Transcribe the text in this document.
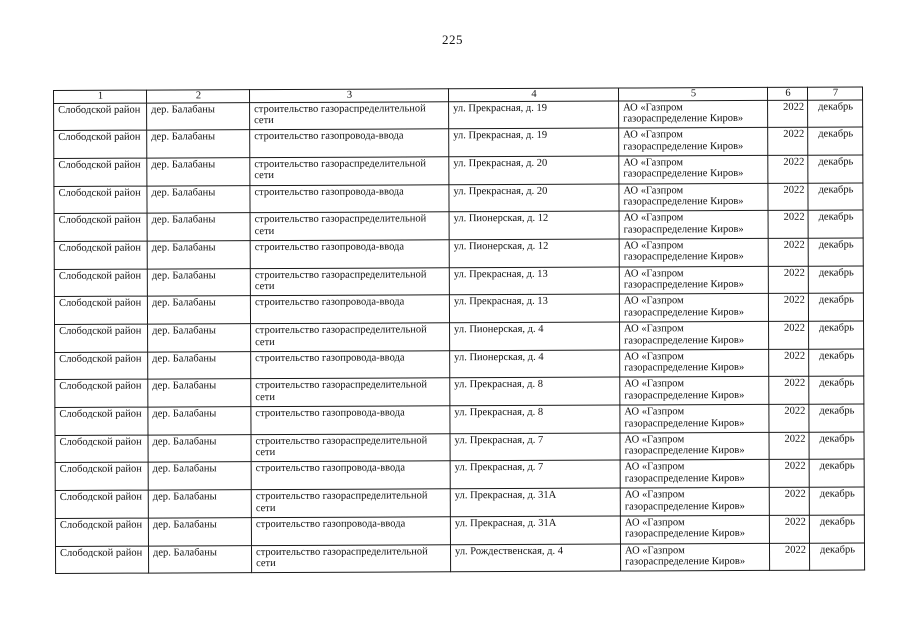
225
1	2	3	4	5	6	7
Слободской район	дер. Балабаны	строительство газораспределительной сети	ул. Прекрасная, д. 19	АО «Газпром газораспределение Киров»	2022	декабрь
Слободской район	дер. Балабаны	строительство газопровода-ввода	ул. Прекрасная, д. 19	АО «Газпром газораспределение Киров»	2022	декабрь
Слободской район	дер. Балабаны	строительство газораспределительной сети	ул. Прекрасная, д. 20	АО «Газпром газораспределение Киров»	2022	декабрь
Слободской район	дер. Балабаны	строительство газопровода-ввода	ул. Прекрасная, д. 20	АО «Газпром газораспределение Киров»	2022	декабрь
Слободской район	дер. Балабаны	строительство газораспределительной сети	ул. Пионерская, д. 12	АО «Газпром газораспределение Киров»	2022	декабрь
Слободской район	дер. Балабаны	строительство газопровода-ввода	ул. Пионерская, д. 12	АО «Газпром газораспределение Киров»	2022	декабрь
Слободской район	дер. Балабаны	строительство газораспределительной сети	ул. Прекрасная, д. 13	АО «Газпром газораспределение Киров»	2022	декабрь
Слободской район	дер. Балабаны	строительство газопровода-ввода	ул. Прекрасная, д. 13	АО «Газпром газораспределение Киров»	2022	декабрь
Слободской район	дер. Балабаны	строительство газораспределительной сети	ул. Пионерская, д. 4	АО «Газпром газораспределение Киров»	2022	декабрь
Слободской район	дер. Балабаны	строительство газопровода-ввода	ул. Пионерская, д. 4	АО «Газпром газораспределение Киров»	2022	декабрь
Слободской район	дер. Балабаны	строительство газораспределительной сети	ул. Прекрасная, д. 8	АО «Газпром газораспределение Киров»	2022	декабрь
Слободской район	дер. Балабаны	строительство газопровода-ввода	ул. Прекрасная, д. 8	АО «Газпром газораспределение Киров»	2022	декабрь
Слободской район	дер. Балабаны	строительство газораспределительной сети	ул. Прекрасная, д. 7	АО «Газпром газораспределение Киров»	2022	декабрь
Слободской район	дер. Балабаны	строительство газопровода-ввода	ул. Прекрасная, д. 7	АО «Газпром газораспределение Киров»	2022	декабрь
Слободской район	дер. Балабаны	строительство газораспределительной сети	ул. Прекрасная, д. 31А	АО «Газпром газораспределение Киров»	2022	декабрь
Слободской район	дер. Балабаны	строительство газопровода-ввода	ул. Прекрасная, д. 31А	АО «Газпром газораспределение Киров»	2022	декабрь
Слободской район	дер. Балабаны	строительство газораспределительной сети	ул. Рождественская, д. 4	АО «Газпром газораспределение Киров»	2022	декабрь
